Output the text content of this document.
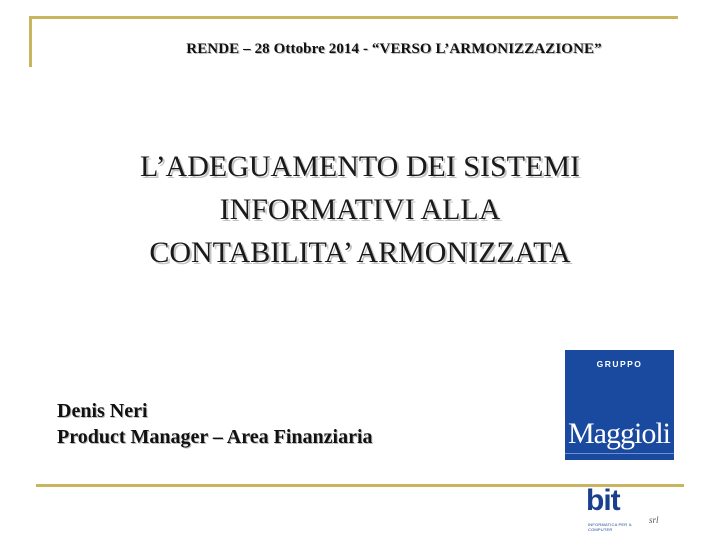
RENDE – 28 Ottobre 2014 - “VERSO L’ARMONIZZAZIONE”
L’ADEGUAMENTO DEI SISTEMI
INFORMATIVI ALLA
CONTABILITA’ ARMONIZZATA
Denis Neri
Product Manager – Area Finanziaria
GRUPPO
Maggioli
bit
srl
INFORMATICA PER IL COMPUTER
